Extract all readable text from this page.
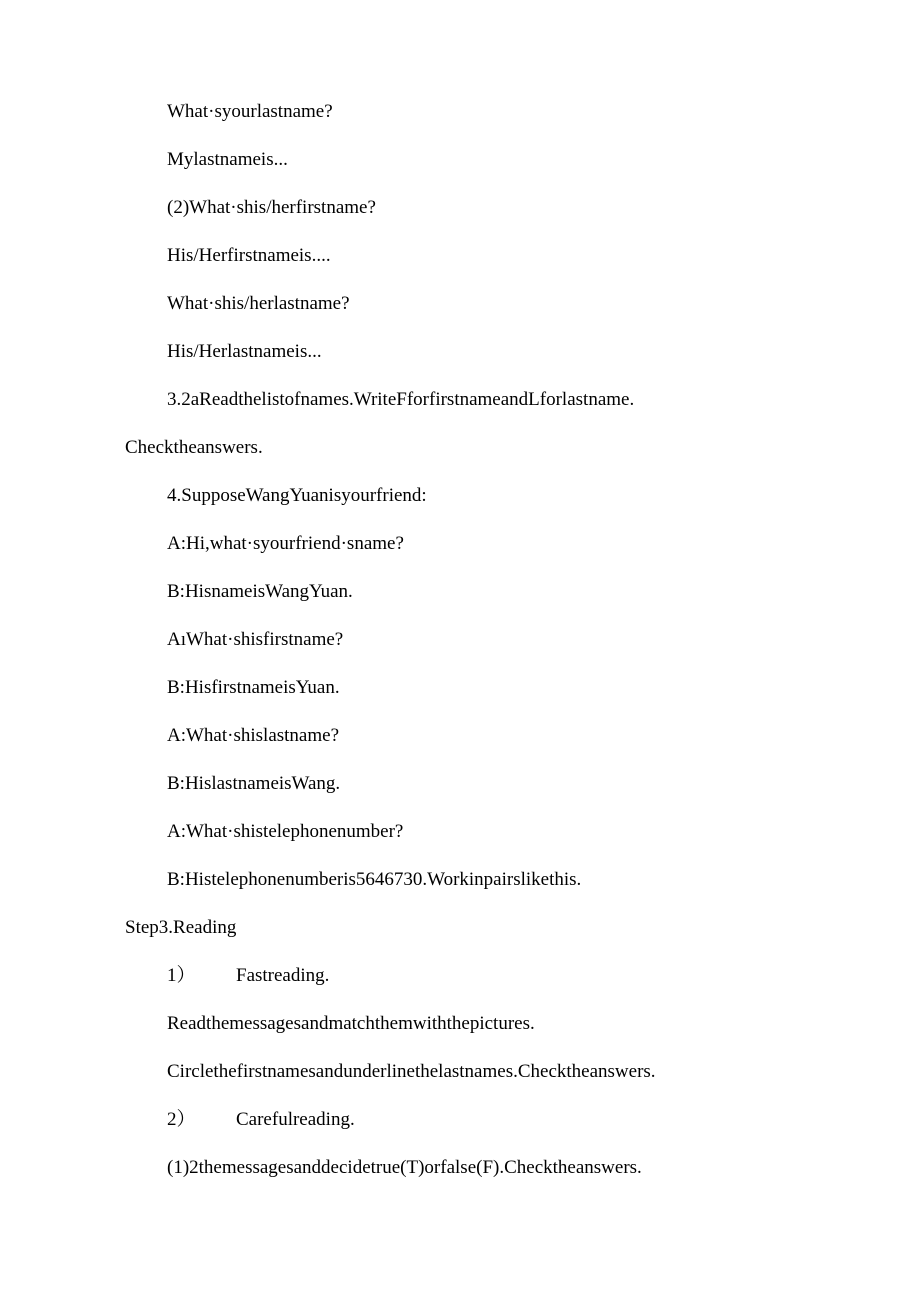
What·syourlastname?

Mylastnameis...

(2)What·shis/herfirstname?

His/Herfirstnameis....

What·shis/herlastname?

His/Herlastnameis...

3.2aReadthelistofnames.WriteFforfirstnameandLforlastname.

Checktheanswers.

4.SupposeWangYuanisyourfriend:

A:Hi,what·syourfriend·sname?

B:HisnameisWangYuan.

AıWhat·shisfirstname?

B:HisfirstnameisYuan.

A:What·shislastname?

B:HislastnameisWang.

A:What·shistelephonenumber?

B:Histelephonenumberis5646730.Workinpairslikethis.

Step3.Reading

1） Fastreading.

Readthemessagesandmatchthemwiththepictures.

Circlethefirstnamesandunderlinethelastnames.Checktheanswers.

2） Carefulreading.

(1)2themessagesanddecidetrue(T)orfalse(F).Checktheanswers.
